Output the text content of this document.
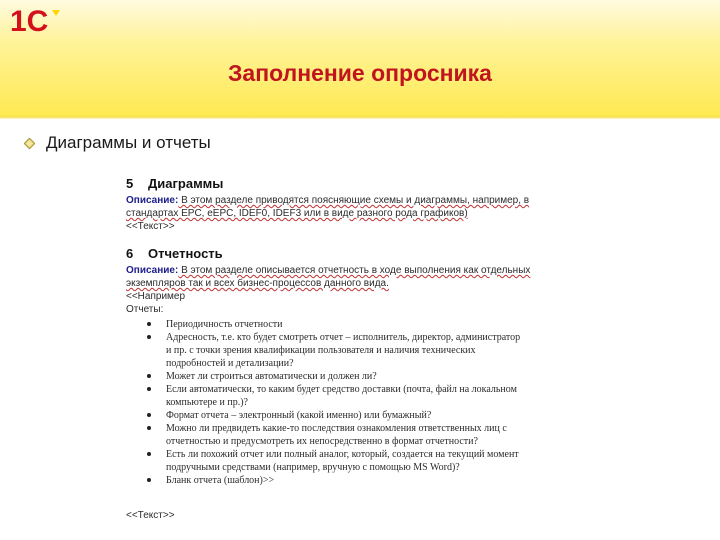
1С
Заполнение опросника
Диаграммы и отчеты
5 Диаграммы
Описание: В этом разделе приводятся поясняющие схемы и диаграммы, например, в
стандартах EPC, eEPC, IDEF0, IDEF3 или в виде разного рода графиков)
<<Текст>>
6 Отчетность
Описание: В этом разделе описывается отчетность в ходе выполнения как отдельных
экземпляров так и всех бизнес-процессов данного вида.
<<Например
Отчеты:
Периодичность отчетности
Адресность, т.е. кто будет смотреть отчет – исполнитель, директор, администратор
и пр. с точки зрения квалификации пользователя и наличия технических
подробностей и детализации?
Может ли строиться автоматически и должен ли?
Если автоматически, то каким будет средство доставки (почта, файл на локальном
компьютере и пр.)?
Формат отчета – электронный (какой именно) или бумажный?
Можно ли предвидеть какие-то последствия ознакомления ответственных лиц с
отчетностью и предусмотреть их непосредственно в формат отчетности?
Есть ли похожий отчет или полный аналог, который, создается на текущий момент
подручными средствами (например, вручную с помощью MS Word)?
Бланк отчета (шаблон)>>
<<Текст>>
